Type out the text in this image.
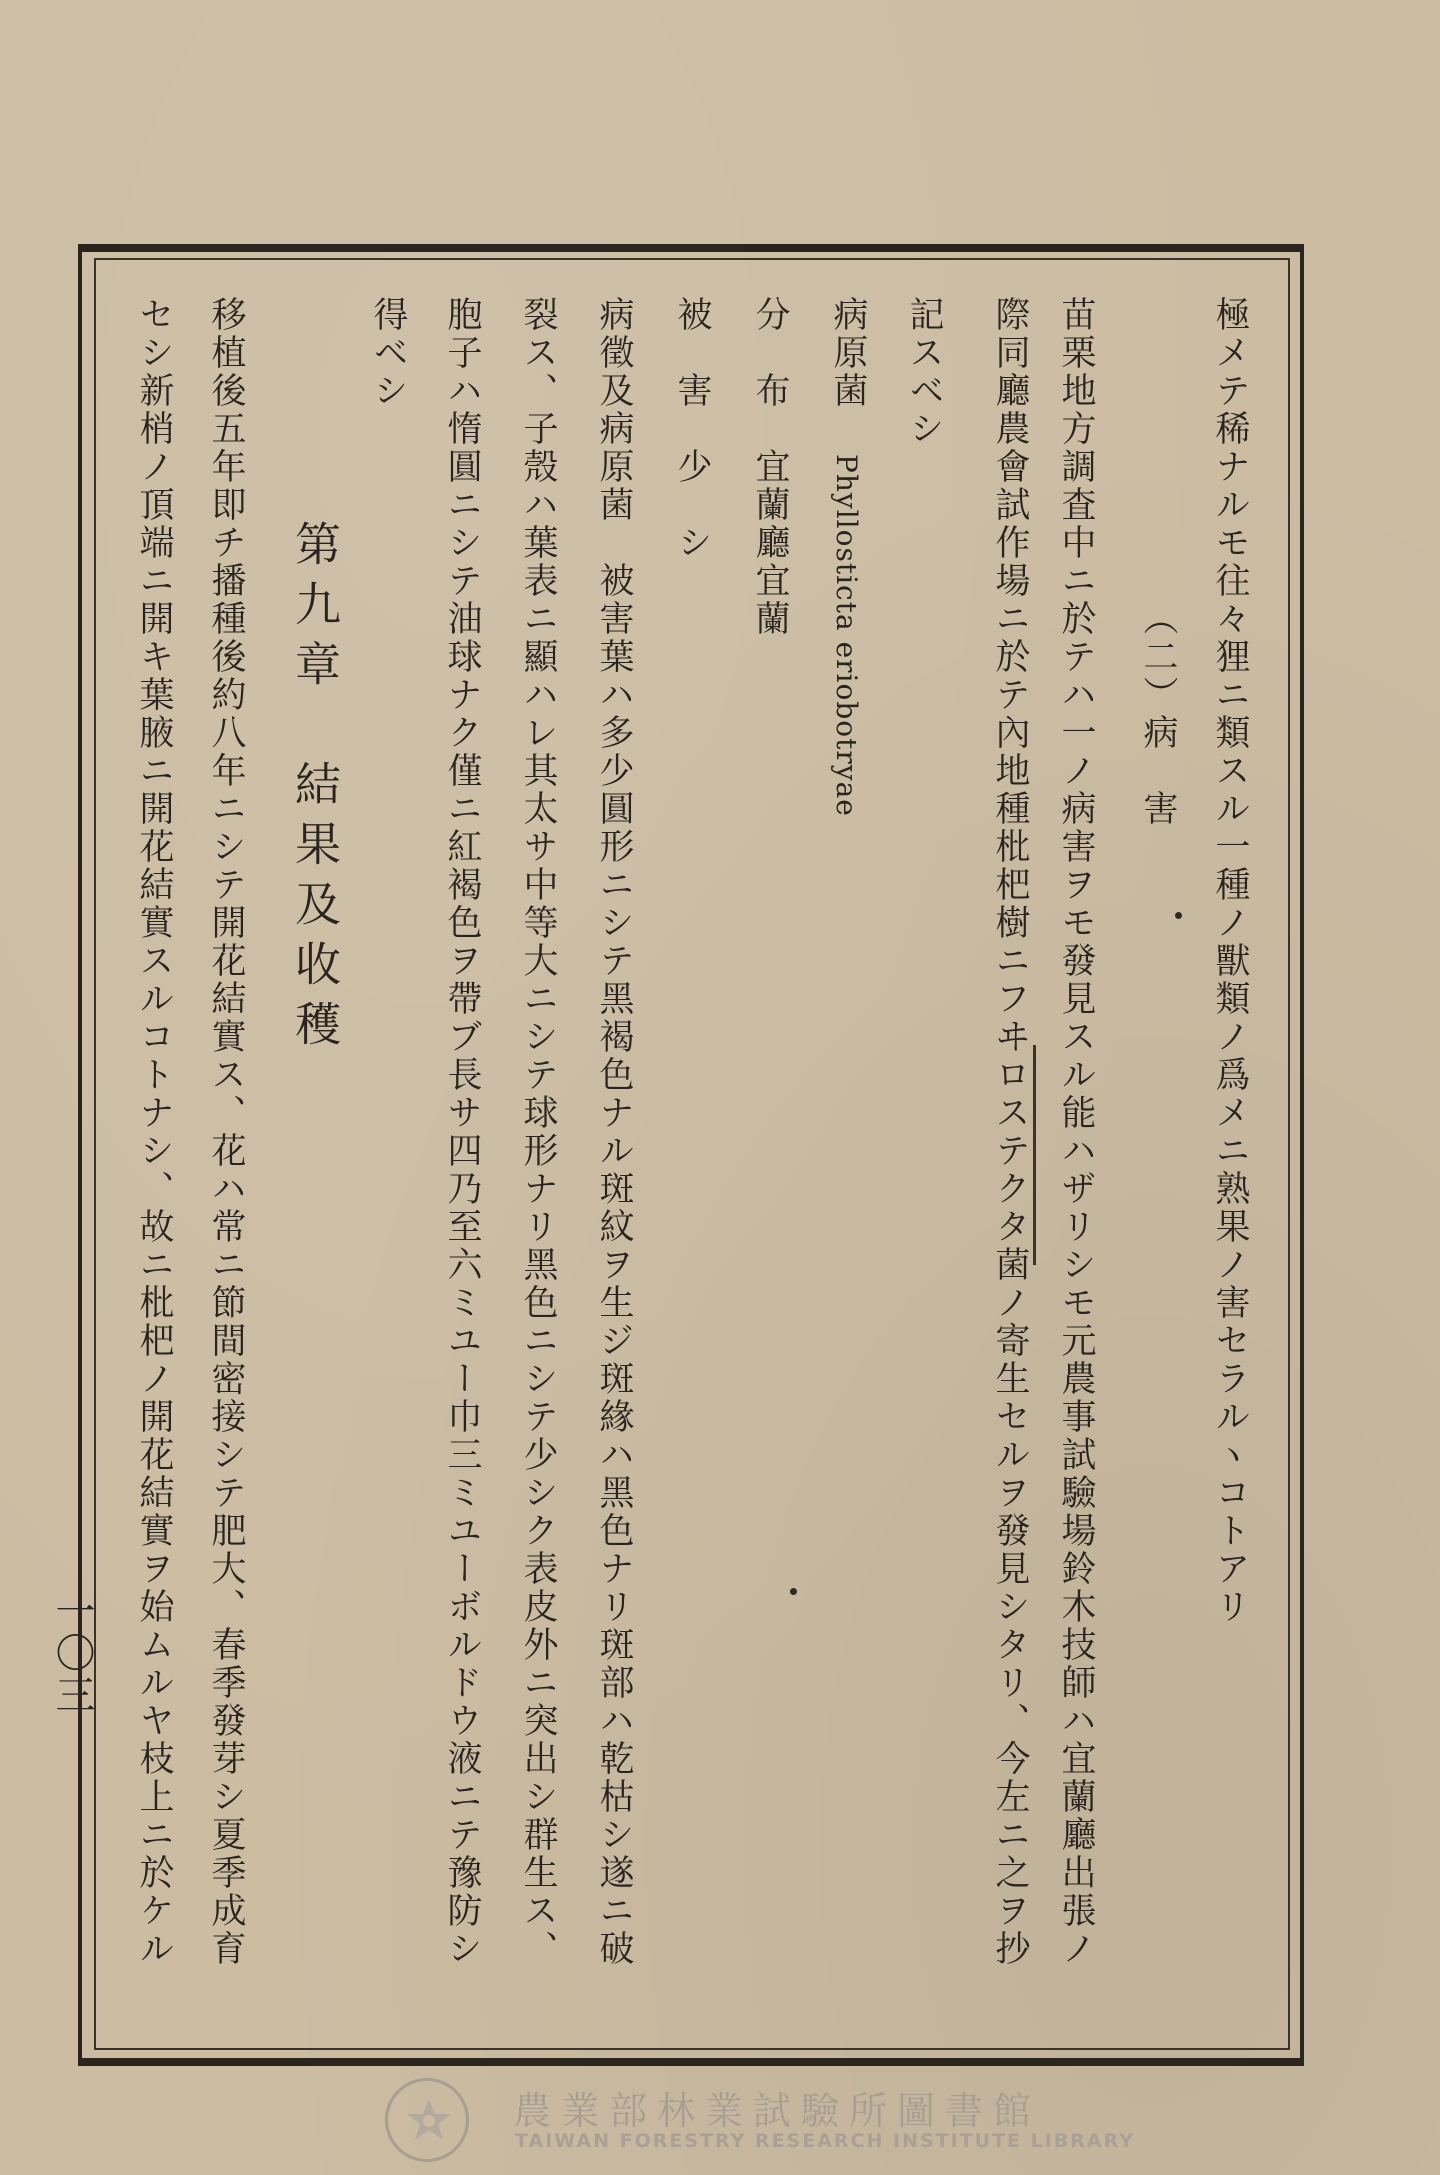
極メテ稀ナルモ往々狸ニ類スル一種ノ獸類ノ爲メニ熟果ノ害セラルヽコトアリ

（二）病　害

苗栗地方調査中ニ於テハ一ノ病害ヲモ發見スル能ハザリシモ元農事試驗場鈴木技師ハ宜蘭廳出張ノ

際同廳農會試作場ニ於テ內地種枇杷樹ニフヰロステクタ菌ノ寄生セルヲ發見シタリ、今左ニ之ヲ抄

記スベシ

病原菌

Phyllosticta eriobotryae

分　布　宜蘭廳宜蘭

被　害　少　シ

病徵及病原菌　被害葉ハ多少圓形ニシテ黑褐色ナル斑紋ヲ生ジ斑緣ハ黑色ナリ斑部ハ乾枯シ遂ニ破

裂ス、子殼ハ葉表ニ顯ハレ其太サ中等大ニシテ球形ナリ黑色ニシテ少シク表皮外ニ突出シ群生ス、

胞子ハ惰圓ニシテ油球ナク僅ニ紅褐色ヲ帶ブ長サ四乃至六ミユー巾三ミユーボルドウ液ニテ豫防シ

得ベシ

第九章　結果及收穫

移植後五年即チ播種後約八年ニシテ開花結實ス、花ハ常ニ節間密接シテ肥大、春季發芽シ夏季成育

セシ新梢ノ頂端ニ開キ葉腋ニ開花結實スルコトナシ、故ニ枇杷ノ開花結實ヲ始ムルヤ枝上ニ於ケル

一〇三
農業部林業試驗所圖書館
TAIWAN FORESTRY RESEARCH INSTITUTE LIBRARY
